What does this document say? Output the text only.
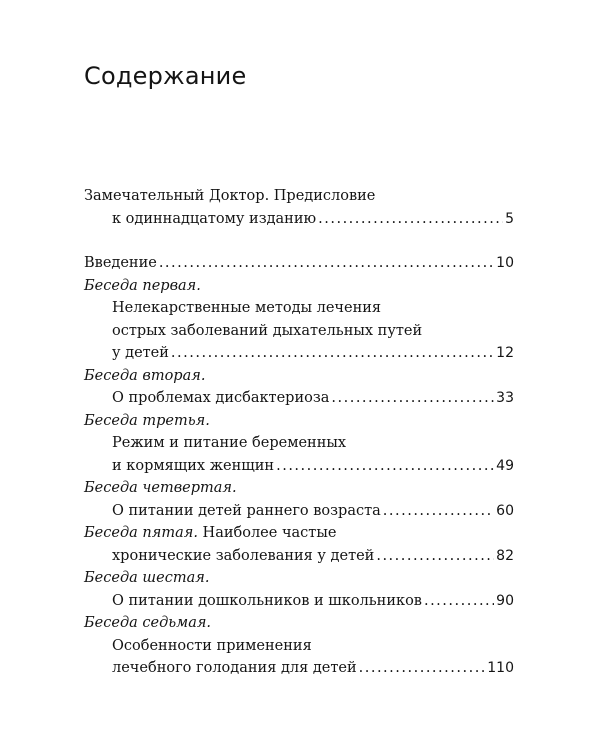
Содержание
Замечательный Доктор. Предисловие
к одиннадцатому изданию .....	5
Введение .....	10
Беседа первая.
Нелекарственные методы лечения
острых заболеваний дыхательных путей
у детей .....	12
Беседа вторая.
О проблемах дисбактериоза .....	33
Беседа третья.
Режим и питание беременных
и кормящих женщин .....	49
Беседа четвертая.
О питании детей раннего возраста .....	60
Беседа пятая. Наиболее частые
хронические заболевания у детей .....	82
Беседа шестая.
О питании дошкольников и школьников .....	90
Беседа седьмая.
Особенности применения
лечебного голодания для детей .....	110
